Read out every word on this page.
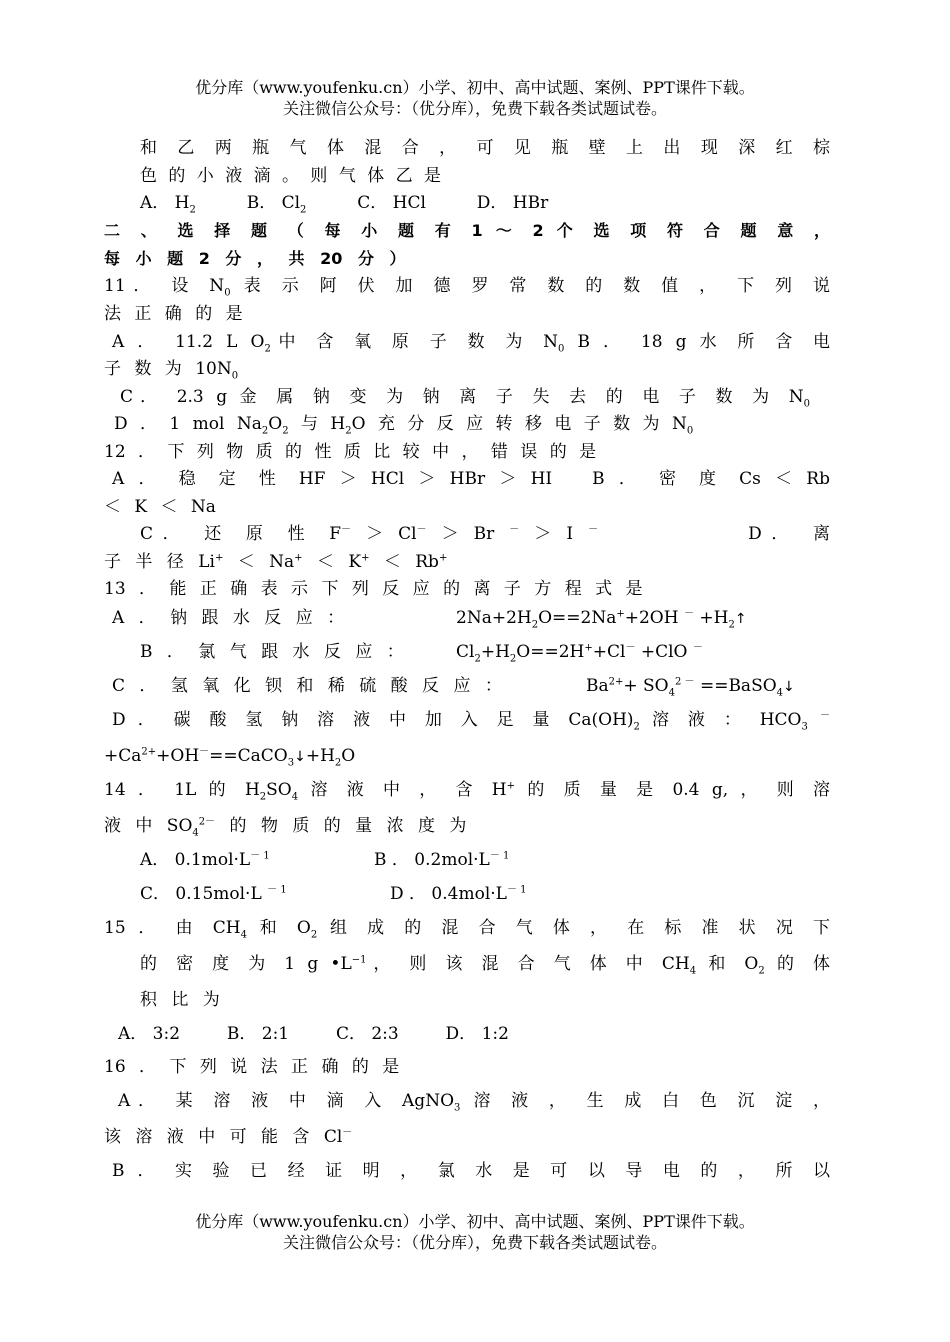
优分库（www.youfenku.cn）小学、初中、高中试题、案例、PPT课件下载。
关注微信公众号：（优分库），免费下载各类试题试卷。
和 乙 两 瓶 气 体 混 合 ， 可 见 瓶 壁 上 出 现 深 红 棕
色 的 小 液 滴 。 则 气 体 乙 是
A． $H_2$	B． $Cl_2$	C． HCl	D． HBr
二 、 选 择 题 （ 每 小 题 有 1 ～ 2 个 选 项 符 合 题 意 ，
每 小 题 2 分 ， 共 20 分 ）
11． 设 $N_0$ 表 示 阿 伏 加 德 罗 常 数 的 数 值 ， 下 列 说
法 正 确 的 是
A ． 11.2 L $O_2$中 含 氧 原 子 数 为 $N_0$ B ． 18 g 水 所 含 电
子 数 为 $10N_0$
C． 2.3 g 金 属 钠 变 为 钠 离 子 失 去 的 电 子 数 为 $N_0$
D ． 1 mol $Na_2O_2$ 与 $H_2O$ 充 分 反 应 转 移 电 子 数 为 $N_0$
12 ． 下 列 物 质 的 性 质 比 较 中 ， 错 误 的 是
A ． 稳 定 性 HF ＞ HCl ＞ HBr ＞ HI B ． 密 度 Cs ＜ Rb
＜ K ＜ Na
C． 还 原 性 F－ ＞ Cl－ ＞ Br － ＞ I －	D． 离
子 半 径 Li+ ＜ Na+ ＜ K+ ＜ Rb+
13 ． 能 正 确 表 示 下 列 反 应 的 离 子 方 程 式 是
A ． 钠 跟 水 反 应 ：	$2Na+2H_2O==2Na^++2OH$ $^- +H_2↑$
B ． 氯 气 跟 水 反 应 ：	$Cl_2+H_2O==2H^++Cl^- +ClO$ －
C ． 氢 氧 化 钡 和 稀 硫 酸 反 应 ：	$Ba^{2+}+ SO_4^{2 -}$ ==BaSO$_4$↓
D ． 碳 酸 氢 钠 溶 液 中 加 入 足 量 $Ca(OH)_2$ 溶 液 ： $HCO_3$ －
$+Ca^{2+}+OH^-==CaCO_3↓+H_2O$
14 ． 1L 的 $H_2SO_4$ 溶 液 中 ， 含 H+ 的 质 量 是 0.4 g, ， 则 溶
液 中 $SO_4^{2-}$ 的 物 质 的 量 浓 度 为
A． $0.1mol\cdot L^{- 1}$	B ． $0.2mol\cdot L^{- 1}$
C． 0.15mol·L $^{- 1}$	D ． $0.4mol\cdot L^{- 1}$
15 ． 由 $CH_4$ 和 $O_2$ 组 成 的 混 合 气 体 ， 在 标 准 状 况 下
的 密 度 为 1 g $•L^{-1}$， 则 该 混 合 气 体 中 $CH_4$ 和 $O_2$ 的 体
积 比 为
A． 3:2	B． 2:1	C． 2:3	D． 1:2
16 ． 下 列 说 法 正 确 的 是
A． 某 溶 液 中 滴 入 AgNO$_3$ 溶 液 ， 生 成 白 色 沉 淀 ，
该 溶 液 中 可 能 含 Cl－
B ． 实 验 已 经 证 明 ， 氯 水 是 可 以 导 电 的 ， 所 以
优分库（www.youfenku.cn）小学、初中、高中试题、案例、PPT课件下载。
关注微信公众号：（优分库），免费下载各类试题试卷。
